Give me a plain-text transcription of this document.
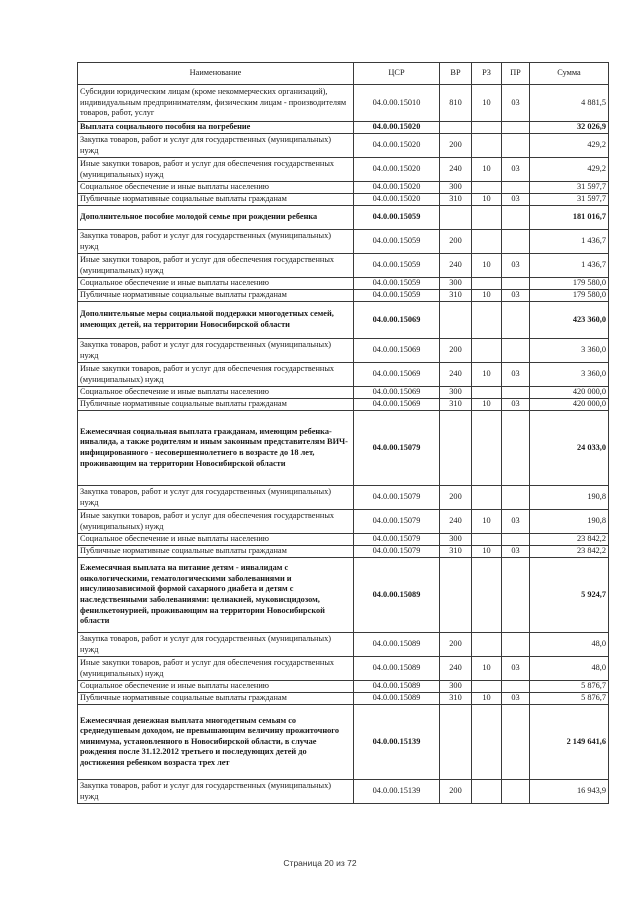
Наименование	ЦСР	ВР	РЗ	ПР	Сумма
Субсидии юридическим лицам (кроме некоммерческих организаций), индивидуальным предпринимателям, физическим лицам - производителям товаров, работ, услуг	04.0.00.15010	810	10	03	4 881,5
Выплата социального пособия на погребение	04.0.00.15020				32 026,9
Закупка товаров, работ и услуг для государственных (муниципальных) нужд	04.0.00.15020	200			429,2
Иные закупки товаров, работ и услуг для обеспечения государственных (муниципальных) нужд	04.0.00.15020	240	10	03	429,2
Социальное обеспечение и иные выплаты населению	04.0.00.15020	300			31 597,7
Публичные нормативные социальные выплаты гражданам	04.0.00.15020	310	10	03	31 597,7
Дополнительное пособие молодой семье при рождении ребенка	04.0.00.15059				181 016,7
Закупка товаров, работ и услуг для государственных (муниципальных) нужд	04.0.00.15059	200			1 436,7
Иные закупки товаров, работ и услуг для обеспечения государственных (муниципальных) нужд	04.0.00.15059	240	10	03	1 436,7
Социальное обеспечение и иные выплаты населению	04.0.00.15059	300			179 580,0
Публичные нормативные социальные выплаты гражданам	04.0.00.15059	310	10	03	179 580,0
Дополнительные меры социальной поддержки многодетных семей, имеющих детей, на территории Новосибирской области	04.0.00.15069				423 360,0
Закупка товаров, работ и услуг для государственных (муниципальных) нужд	04.0.00.15069	200			3 360,0
Иные закупки товаров, работ и услуг для обеспечения государственных (муниципальных) нужд	04.0.00.15069	240	10	03	3 360,0
Социальное обеспечение и иные выплаты населению	04.0.00.15069	300			420 000,0
Публичные нормативные социальные выплаты гражданам	04.0.00.15069	310	10	03	420 000,0
Ежемесячная социальная выплата гражданам, имеющим ребенка-инвалида, а также родителям и иным законным представителям ВИЧ-инфицированного - несовершеннолетнего в возрасте до 18 лет, проживающим на территории Новосибирской области	04.0.00.15079				24 033,0
Закупка товаров, работ и услуг для государственных (муниципальных) нужд	04.0.00.15079	200			190,8
Иные закупки товаров, работ и услуг для обеспечения государственных (муниципальных) нужд	04.0.00.15079	240	10	03	190,8
Социальное обеспечение и иные выплаты населению	04.0.00.15079	300			23 842,2
Публичные нормативные социальные выплаты гражданам	04.0.00.15079	310	10	03	23 842,2
Ежемесячная выплата на питание детям - инвалидам с онкологическими, гематологическими заболеваниями и инсулинозависимой формой сахарного диабета и детям с наследственными заболеваниями: целиакией, муковисцидозом, фенилкетонурией, проживающим на территории Новосибирской области	04.0.00.15089				5 924,7
Закупка товаров, работ и услуг для государственных (муниципальных) нужд	04.0.00.15089	200			48,0
Иные закупки товаров, работ и услуг для обеспечения государственных (муниципальных) нужд	04.0.00.15089	240	10	03	48,0
Социальное обеспечение и иные выплаты населению	04.0.00.15089	300			5 876,7
Публичные нормативные социальные выплаты гражданам	04.0.00.15089	310	10	03	5 876,7
Ежемесячная денежная выплата многодетным семьям со среднедушевым доходом, не превышающим величину прожиточного минимума, установленного в Новосибирской области, в случае рождения после 31.12.2012 третьего и последующих детей до достижения ребенком возраста трех лет	04.0.00.15139				2 149 641,6
Закупка товаров, работ и услуг для государственных (муниципальных) нужд	04.0.00.15139	200			16 943,9
Страница 20 из 72
